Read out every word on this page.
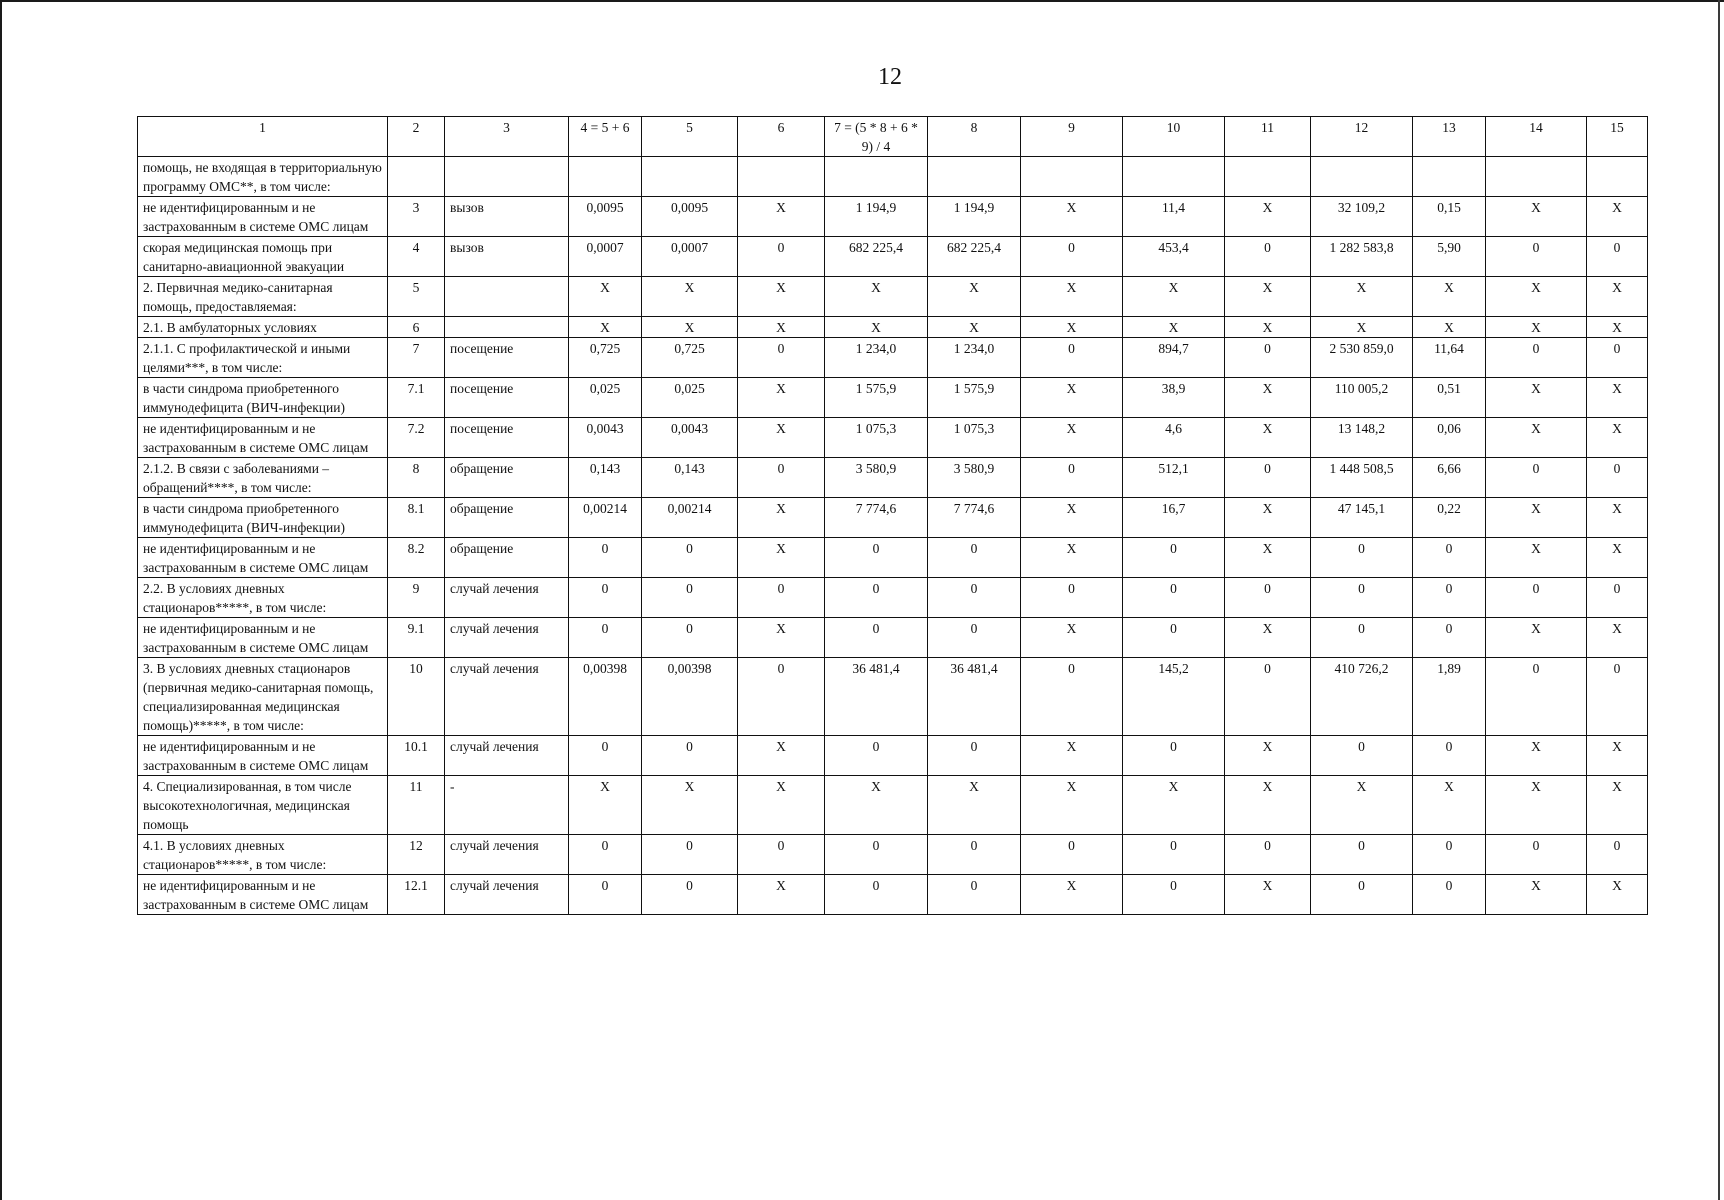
12
1	2	3	4 = 5 + 6	5	6	7 = (5 * 8 + 6 * 9) / 4	8	9	10	11	12	13	14	15
помощь, не входящая в территориальную программу ОМС**, в том числе:														
не идентифицированным и не застрахованным в системе ОМС лицам	3	вызов	0,0095	0,0095	X	1 194,9	1 194,9	X	11,4	X	32 109,2	0,15	X	X
скорая медицинская помощь при санитарно-авиационной эвакуации	4	вызов	0,0007	0,0007	0	682 225,4	682 225,4	0	453,4	0	1 282 583,8	5,90	0	0
2. Первичная медико-санитарная помощь, предоставляемая:	5		X	X	X	X	X	X	X	X	X	X	X	X
2.1. В амбулаторных условиях	6		X	X	X	X	X	X	X	X	X	X	X	X
2.1.1. С профилактической и иными целями***, в том числе:	7	посещение	0,725	0,725	0	1 234,0	1 234,0	0	894,7	0	2 530 859,0	11,64	0	0
в части синдрома приобретенного иммунодефицита (ВИЧ-инфекции)	7.1	посещение	0,025	0,025	X	1 575,9	1 575,9	X	38,9	X	110 005,2	0,51	X	X
не идентифицированным и не застрахованным в системе ОМС лицам	7.2	посещение	0,0043	0,0043	X	1 075,3	1 075,3	X	4,6	X	13 148,2	0,06	X	X
2.1.2. В связи с заболеваниями – обращений****, в том числе:	8	обращение	0,143	0,143	0	3 580,9	3 580,9	0	512,1	0	1 448 508,5	6,66	0	0
в части синдрома приобретенного иммунодефицита (ВИЧ-инфекции)	8.1	обращение	0,00214	0,00214	X	7 774,6	7 774,6	X	16,7	X	47 145,1	0,22	X	X
не идентифицированным и не застрахованным в системе ОМС лицам	8.2	обращение	0	0	X	0	0	X	0	X	0	0	X	X
2.2. В условиях дневных стационаров*****, в том числе:	9	случай лечения	0	0	0	0	0	0	0	0	0	0	0	0
не идентифицированным и не застрахованным в системе ОМС лицам	9.1	случай лечения	0	0	X	0	0	X	0	X	0	0	X	X
3. В условиях дневных стационаров (первичная медико-санитарная помощь, специализированная медицинская помощь)*****, в том числе:	10	случай лечения	0,00398	0,00398	0	36 481,4	36 481,4	0	145,2	0	410 726,2	1,89	0	0
не идентифицированным и не застрахованным в системе ОМС лицам	10.1	случай лечения	0	0	X	0	0	X	0	X	0	0	X	X
4. Специализированная, в том числе высокотехнологичная, медицинская помощь	11	-	X	X	X	X	X	X	X	X	X	X	X	X
4.1. В условиях дневных стационаров*****, в том числе:	12	случай лечения	0	0	0	0	0	0	0	0	0	0	0	0
не идентифицированным и не застрахованным в системе ОМС лицам	12.1	случай лечения	0	0	X	0	0	X	0	X	0	0	X	X
